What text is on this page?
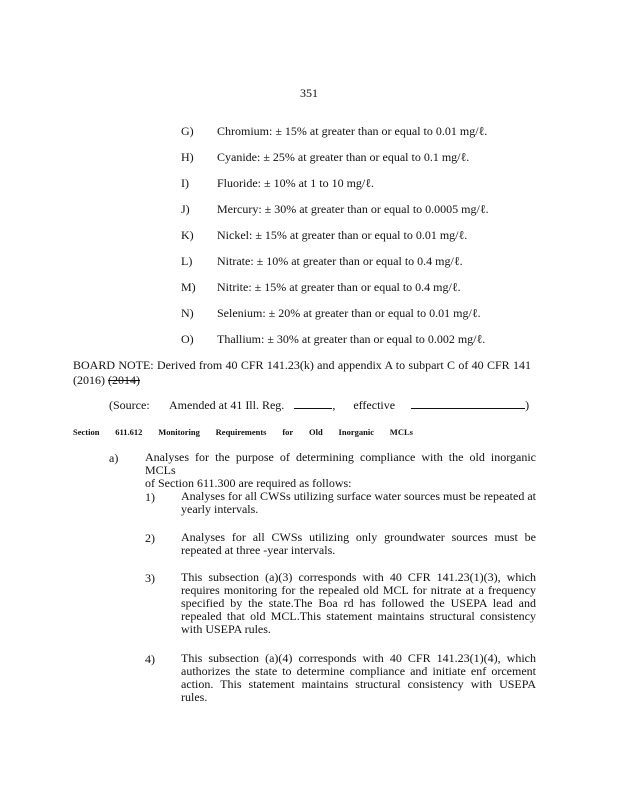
351
G) Chromium: ± 15% at greater than or equal to 0.01 mg/ℓ.
H) Cyanide: ± 25% at greater than or equal to 0.1 mg/ℓ.
I) Fluoride: ± 10% at 1 to 10 mg/ℓ.
J) Mercury: ± 30% at greater than or equal to 0.0005 mg/ℓ.
K) Nickel: ± 15% at greater than or equal to 0.01 mg/ℓ.
L) Nitrate: ± 10% at greater than or equal to 0.4 mg/ℓ.
M) Nitrite: ± 15% at greater than or equal to 0.4 mg/ℓ.
N) Selenium: ± 20% at greater than or equal to 0.01 mg/ℓ.
O) Thallium: ± 30% at greater than or equal to 0.002 mg/ℓ.
BOARD NOTE: Derived from 40 CFR 141.23(k) and appendix A to subpart C of 40 CFR 141
(2016) (2014)
(Source: Amended at 41 Ill. Reg.	, effective	)
Section 611.612 Monitoring Requirements for Old Inorganic MCLs
a) Analyses for the purpose of determining compliance with the old inorganic MCLs
of Section 611.300 are required as follows:
1) Analyses for all CWSs utilizing surface water sources must be repeated at
yearly intervals.
2) Analyses for all CWSs utilizing only groundwater sources must be
repeated at three -year intervals.
3) This subsection (a)(3) corresponds with 40 CFR 141.23(1)(3), which
requires monitoring for the repealed old MCL for nitrate at a frequency
specified by the state.The Boa rd has followed the USEPA lead and
repealed that old MCL.This statement maintains structural consistency
with USEPA rules.
4) This subsection (a)(4) corresponds with 40 CFR 141.23(1)(4), which
authorizes the state to determine compliance and initiate enf orcement
action. This statement maintains structural consistency with USEPA
rules.
